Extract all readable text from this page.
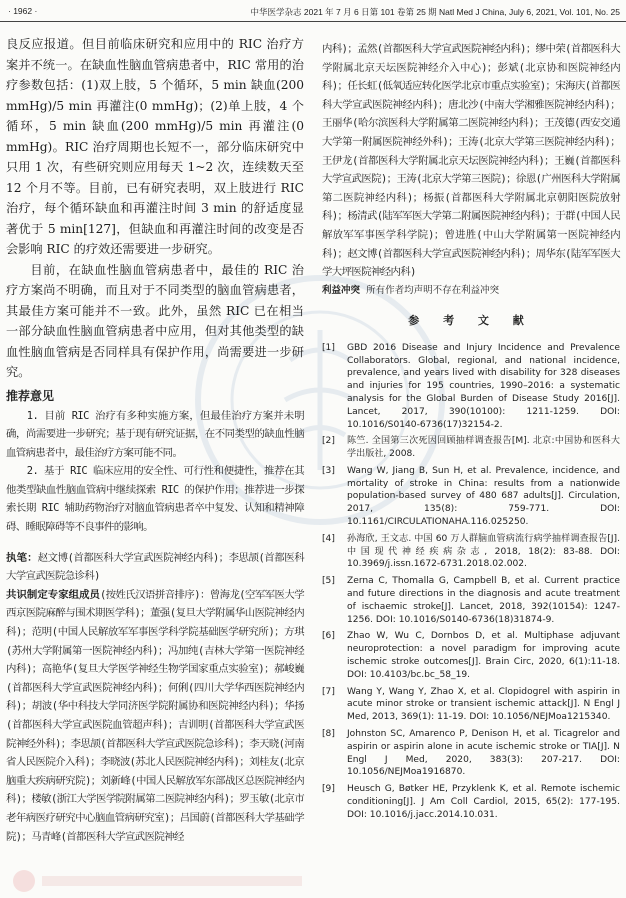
· 1962 ·	中华医学杂志 2021 年 7 月 6 日第 101 卷第 25 期 Natl Med J China, July 6, 2021, Vol. 101, No. 25

良反应报道。但目前临床研究和应用中的 RIC 治疗方案并不统一。在缺血性脑血管病患者中，RIC 常用的治疗参数包括：(1)双上肢，5 个循环，5 min 缺血(200 mmHg)/5 min 再灌注(0 mmHg)；(2)单上肢，4 个循环，5 min 缺血(200 mmHg)/5 min 再灌注(0 mmHg)。RIC 治疗周期也长短不一，部分临床研究中只用 1 次，有些研究则应用每天 1~2 次，连续数天至 12 个月不等。目前，已有研究表明，双上肢进行 RIC 治疗，每个循环缺血和再灌注时间 3 min 的舒适度显著优于 5 min[127]，但缺血和再灌注时间的改变是否会影响 RIC 的疗效还需要进一步研究。

目前，在缺血性脑血管病患者中，最佳的 RIC 治疗方案尚不明确，而且对于不同类型的脑血管病患者，其最佳方案可能并不一致。此外，虽然 RIC 已在相当一部分缺血性脑血管病患者中应用，但对其他类型的缺血性脑血管病是否同样具有保护作用，尚需要进一步研究。

推荐意见

1. 目前 RIC 治疗有多种实施方案，但最佳治疗方案并未明确，尚需要进一步研究；基于现有研究证据，在不同类型的缺血性脑血管病患者中，最佳治疗方案可能不同。

2. 基于 RIC 临床应用的安全性、可行性和便捷性，推荐在其他类型缺血性脑血管病中继续探索 RIC 的保护作用；推荐进一步探索长期 RIC 辅助药物治疗对脑血管病患者卒中复发、认知和精神障碍、睡眠障碍等不良事件的影响。

执笔：赵文博(首都医科大学宣武医院神经内科)；李思颉(首都医科大学宣武医院急诊科)

共识制定专家组成员(按姓氏汉语拼音排序)：曾海龙(空军军医大学西京医院麻醉与围术期医学科)；董强(复旦大学附属华山医院神经内科)；范明(中国人民解放军军事医学科学院基础医学研究所)；方琪(苏州大学附属第一医院神经内科)；冯加纯(吉林大学第一医院神经内科)；高艳华(复旦大学医学神经生物学国家重点实验室)；郝峻巍(首都医科大学宣武医院神经内科)；何俐(四川大学华西医院神经内科)；胡波(华中科技大学同济医学院附属协和医院神经内科)；华扬(首都医科大学宣武医院血管超声科)；吉训明(首都医科大学宣武医院神经外科)；李思颉(首都医科大学宣武医院急诊科)；李天晓(河南省人民医院介入科)；李晓波(苏北人民医院神经内科)；刘桂友(北京脑重大疾病研究院)；刘新峰(中国人民解放军东部战区总医院神经内科)；楼敏(浙江大学医学院附属第二医院神经内科)；罗玉敏(北京市老年病医疗研究中心脑血管病研究室)；吕国蔚(首都医科大学基础学院)；马青峰(首都医科大学宣武医院神经

内科)；孟然(首都医科大学宣武医院神经内科)；缪中荣(首都医科大学附属北京天坛医院神经介入中心)；彭斌(北京协和医院神经内科)；任长虹(低氧适应转化医学北京市重点实验室)；宋海庆(首都医科大学宣武医院神经内科)；唐北沙(中南大学湘雅医院神经内科)；王丽华(哈尔滨医科大学附属第二医院神经内科)；王茂德(西安交通大学第一附属医院神经外科)；王涛(北京大学第三医院神经内科)；王伊龙(首都医科大学附属北京天坛医院神经内科)；王巍(首都医科大学宣武医院)；王涛(北京大学第三医院)；徐恩(广州医科大学附属第二医院神经内科)；杨振(首都医科大学附属北京朝阳医院放射科)；杨清武(陆军军医大学第二附属医院神经内科)；于群(中国人民解放军军事医学科学院)；曾进胜(中山大学附属第一医院神经内科)；赵文博(首都医科大学宣武医院神经内科)；周华东(陆军军医大学大坪医院神经内科)

利益冲突 所有作者均声明不存在利益冲突

参 考 文 献
[1]	GBD 2016 Disease and Injury Incidence and Prevalence Collaborators. Global, regional, and national incidence, prevalence, and years lived with disability for 328 diseases and injuries for 195 countries, 1990–2016: a systematic analysis for the Global Burden of Disease Study 2016[J]. Lancet, 2017, 390(10100): 1211-1259. DOI: 10.1016/S0140-6736(17)32154-2.
[2]	陈竺. 全国第三次死因回顾抽样调查报告[M]. 北京:中国协和医科大学出版社, 2008.
[3]	Wang W, Jiang B, Sun H, et al. Prevalence, incidence, and mortality of stroke in China: results from a nationwide population-based survey of 480 687 adults[J]. Circulation, 2017, 135(8): 759-771. DOI: 10.1161/CIRCULATIONAHA.116.025250.
[4]	孙海欣, 王文志. 中国 60 万人群脑血管病流行病学抽样调查报告[J]. 中国现代神经疾病杂志, 2018, 18(2): 83-88. DOI: 10.3969/j.issn.1672-6731.2018.02.002.
[5]	Zerna C, Thomalla G, Campbell B, et al. Current practice and future directions in the diagnosis and acute treatment of ischaemic stroke[J]. Lancet, 2018, 392(10154): 1247-1256. DOI: 10.1016/S0140-6736(18)31874-9.
[6]	Zhao W, Wu C, Dornbos D, et al. Multiphase adjuvant neuroprotection: a novel paradigm for improving acute ischemic stroke outcomes[J]. Brain Circ, 2020, 6(1):11-18. DOI: 10.4103/bc.bc_58_19.
[7]	Wang Y, Wang Y, Zhao X, et al. Clopidogrel with aspirin in acute minor stroke or transient ischemic attack[J]. N Engl J Med, 2013, 369(1): 11-19. DOI: 10.1056/NEJMoa1215340.
[8]	Johnston SC, Amarenco P, Denison H, et al. Ticagrelor and aspirin or aspirin alone in acute ischemic stroke or TIA[J]. N Engl J Med, 2020, 383(3): 207-217. DOI: 10.1056/NEJMoa1916870.
[9]	Heusch G, Bøtker HE, Przyklenk K, et al. Remote ischemic conditioning[J]. J Am Coll Cardiol, 2015, 65(2): 177-195. DOI: 10.1016/j.jacc.2014.10.031.
